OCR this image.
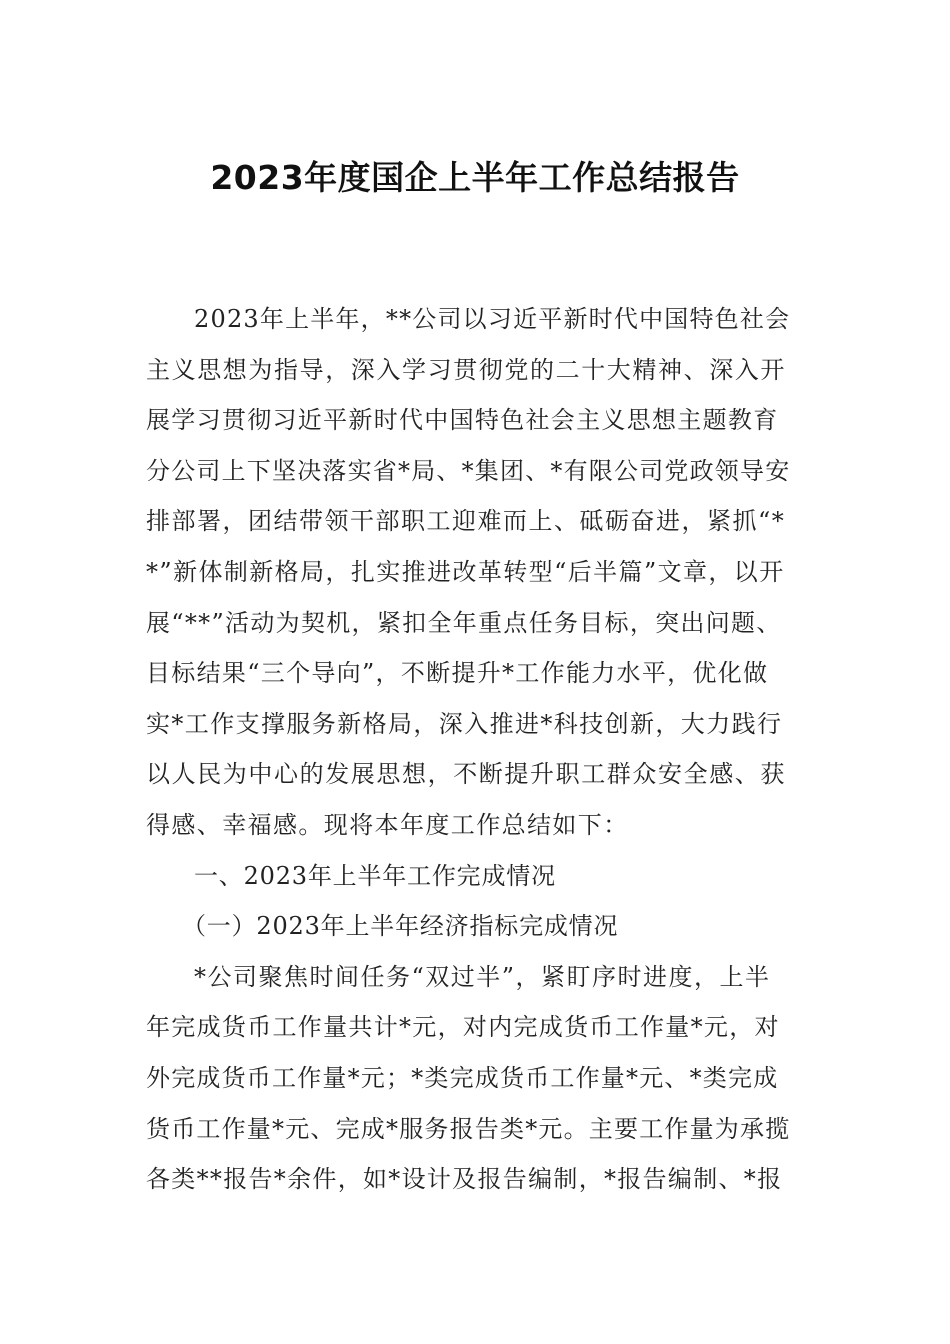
2023年度国企上半年工作总结报告
2023年上半年，**公司以习近平新时代中国特色社会
主义思想为指导，深入学习贯彻党的二十大精神、深入开
展学习贯彻习近平新时代中国特色社会主义思想主题教育
分公司上下坚决落实省*局、*集团、*有限公司党政领导安
排部署，团结带领干部职工迎难而上、砥砺奋进，紧抓“*
*”新体制新格局，扎实推进改革转型“后半篇”文章，以开
展“**”活动为契机，紧扣全年重点任务目标，突出问题、
目标结果“三个导向”，不断提升*工作能力水平，优化做
实*工作支撑服务新格局，深入推进*科技创新，大力践行
以人民为中心的发展思想，不断提升职工群众安全感、获
得感、幸福感。现将本年度工作总结如下：
一、2023年上半年工作完成情况
（一）2023年上半年经济指标完成情况
*公司聚焦时间任务“双过半”，紧盯序时进度，上半
年完成货币工作量共计*元，对内完成货币工作量*元，对
外完成货币工作量*元；*类完成货币工作量*元、*类完成
货币工作量*元、完成*服务报告类*元。主要工作量为承揽
各类**报告*余件，如*设计及报告编制，*报告编制、*报
